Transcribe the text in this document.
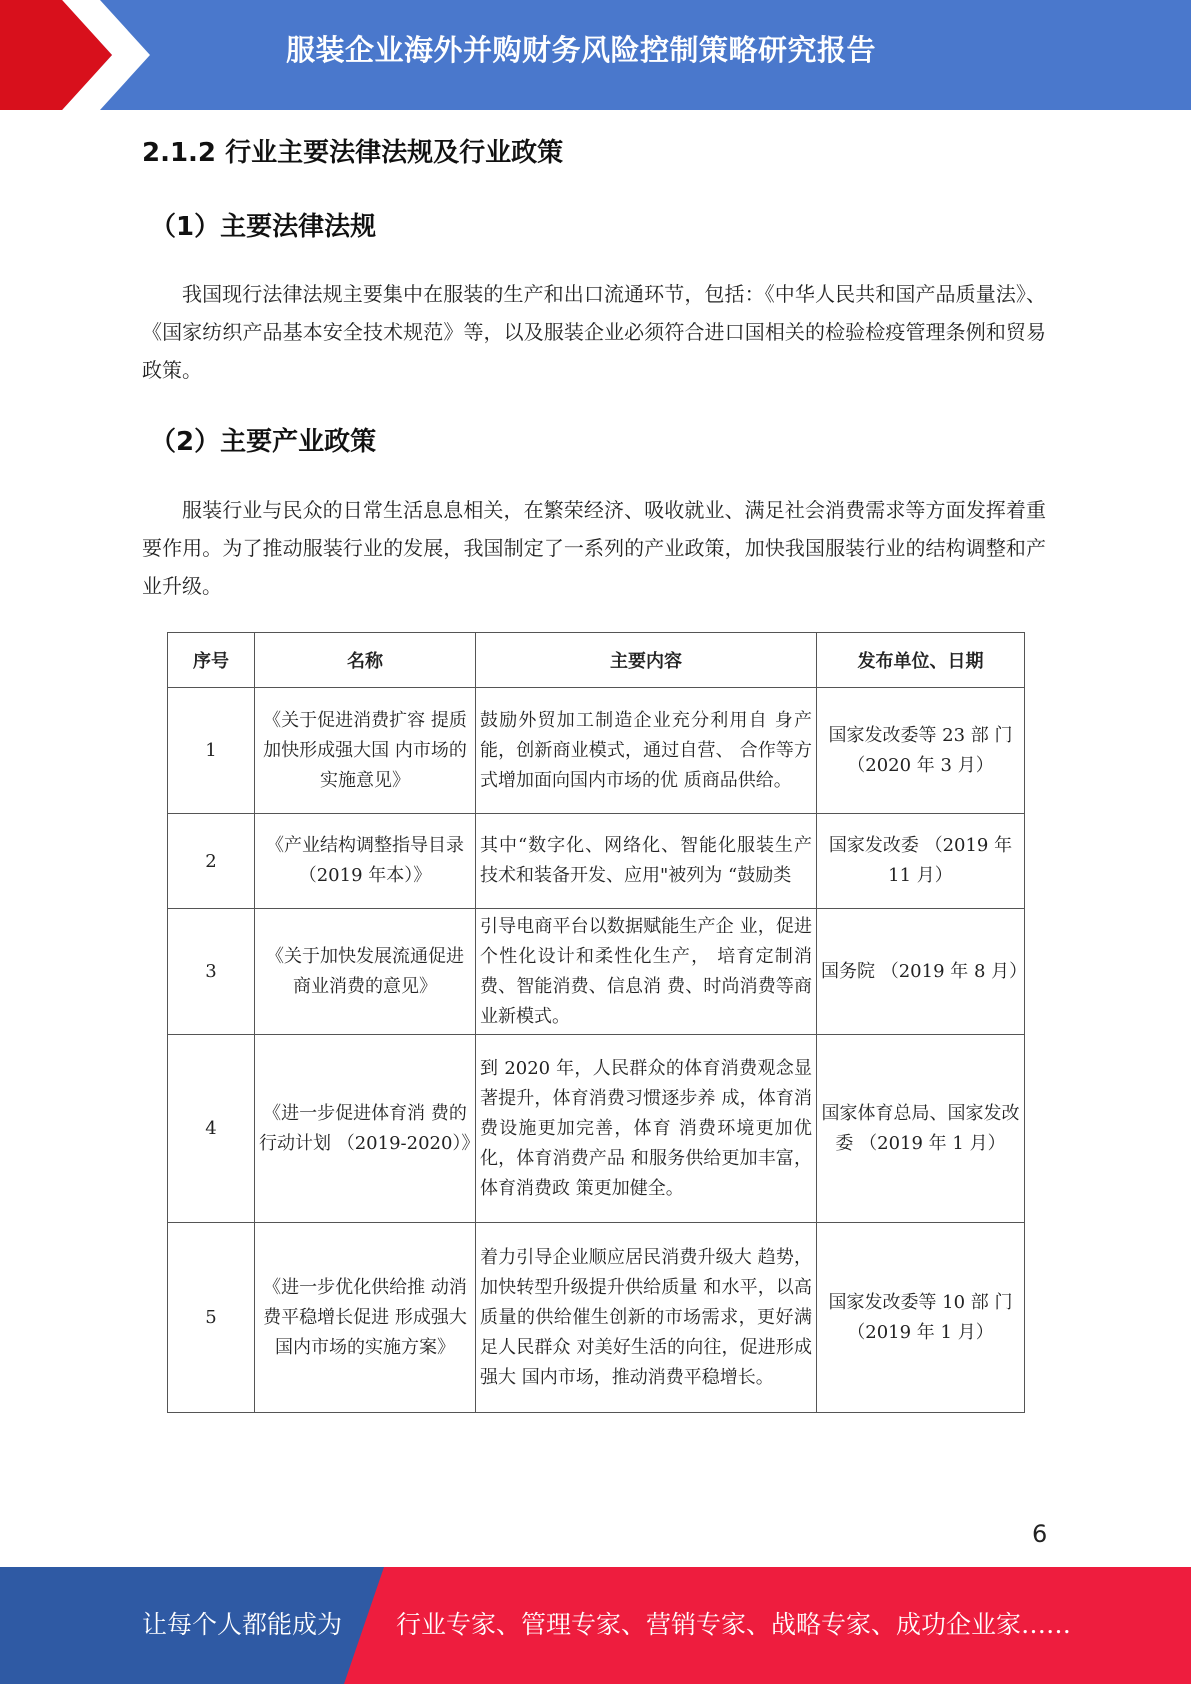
服装企业海外并购财务风险控制策略研究报告
2.1.2 行业主要法律法规及行业政策
（1）主要法律法规
我国现行法律法规主要集中在服装的生产和出口流通环节，包括：《中华人民共和国产品质量法》、《国家纺织产品基本安全技术规范》等，以及服装企业必须符合进口国相关的检验检疫管理条例和贸易政策。
（2）主要产业政策
服装行业与民众的日常生活息息相关，在繁荣经济、吸收就业、满足社会消费需求等方面发挥着重要作用。为了推动服装行业的发展，我国制定了一系列的产业政策，加快我国服装行业的结构调整和产业升级。
序号	名称	主要内容	发布单位、日期
1	《关于促进消费扩容 提质加快形成强大国 内市场的实施意见》	鼓励外贸加工制造企业充分利用自 身产能，创新商业模式，通过自营、 合作等方式增加面向国内市场的优 质商品供给。	国家发改委等 23 部 门（2020 年 3 月）
2	《产业结构调整指导目录（2019 年本）》	其中“数字化、网络化、智能化服装生产技术和装备开发、应用"被列为 “鼓励类	国家发改委 （2019 年 11 月）
3	《关于加快发展流通促进商业消费的意见》	引导电商平台以数据赋能生产企 业，促进个性化设计和柔性化生产， 培育定制消费、智能消费、信息消 费、时尚消费等商业新模式。	国务院 （2019 年 8 月）
4	《进一步促进体育消 费的行动计划 （2019-2020）》	到 2020 年，人民群众的体育消费观念显著提升，体育消费习惯逐步养 成，体育消费设施更加完善，体育 消费环境更加优化，体育消费产品 和服务供给更加丰富，体育消费政 策更加健全。	国家体育总局、国家发改委 （2019 年 1 月）
5	《进一步优化供给推 动消费平稳增长促进 形成强大国内市场的实施方案》	着力引导企业顺应居民消费升级大 趋势，加快转型升级提升供给质量 和水平，以高质量的供给催生创新的市场需求，更好满足人民群众 对美好生活的向往，促进形成强大 国内市场，推动消费平稳增长。	国家发改委等 10 部 门（2019 年 1 月）
6
让每个人都能成为 行业专家、管理专家、营销专家、战略专家、成功企业家……
